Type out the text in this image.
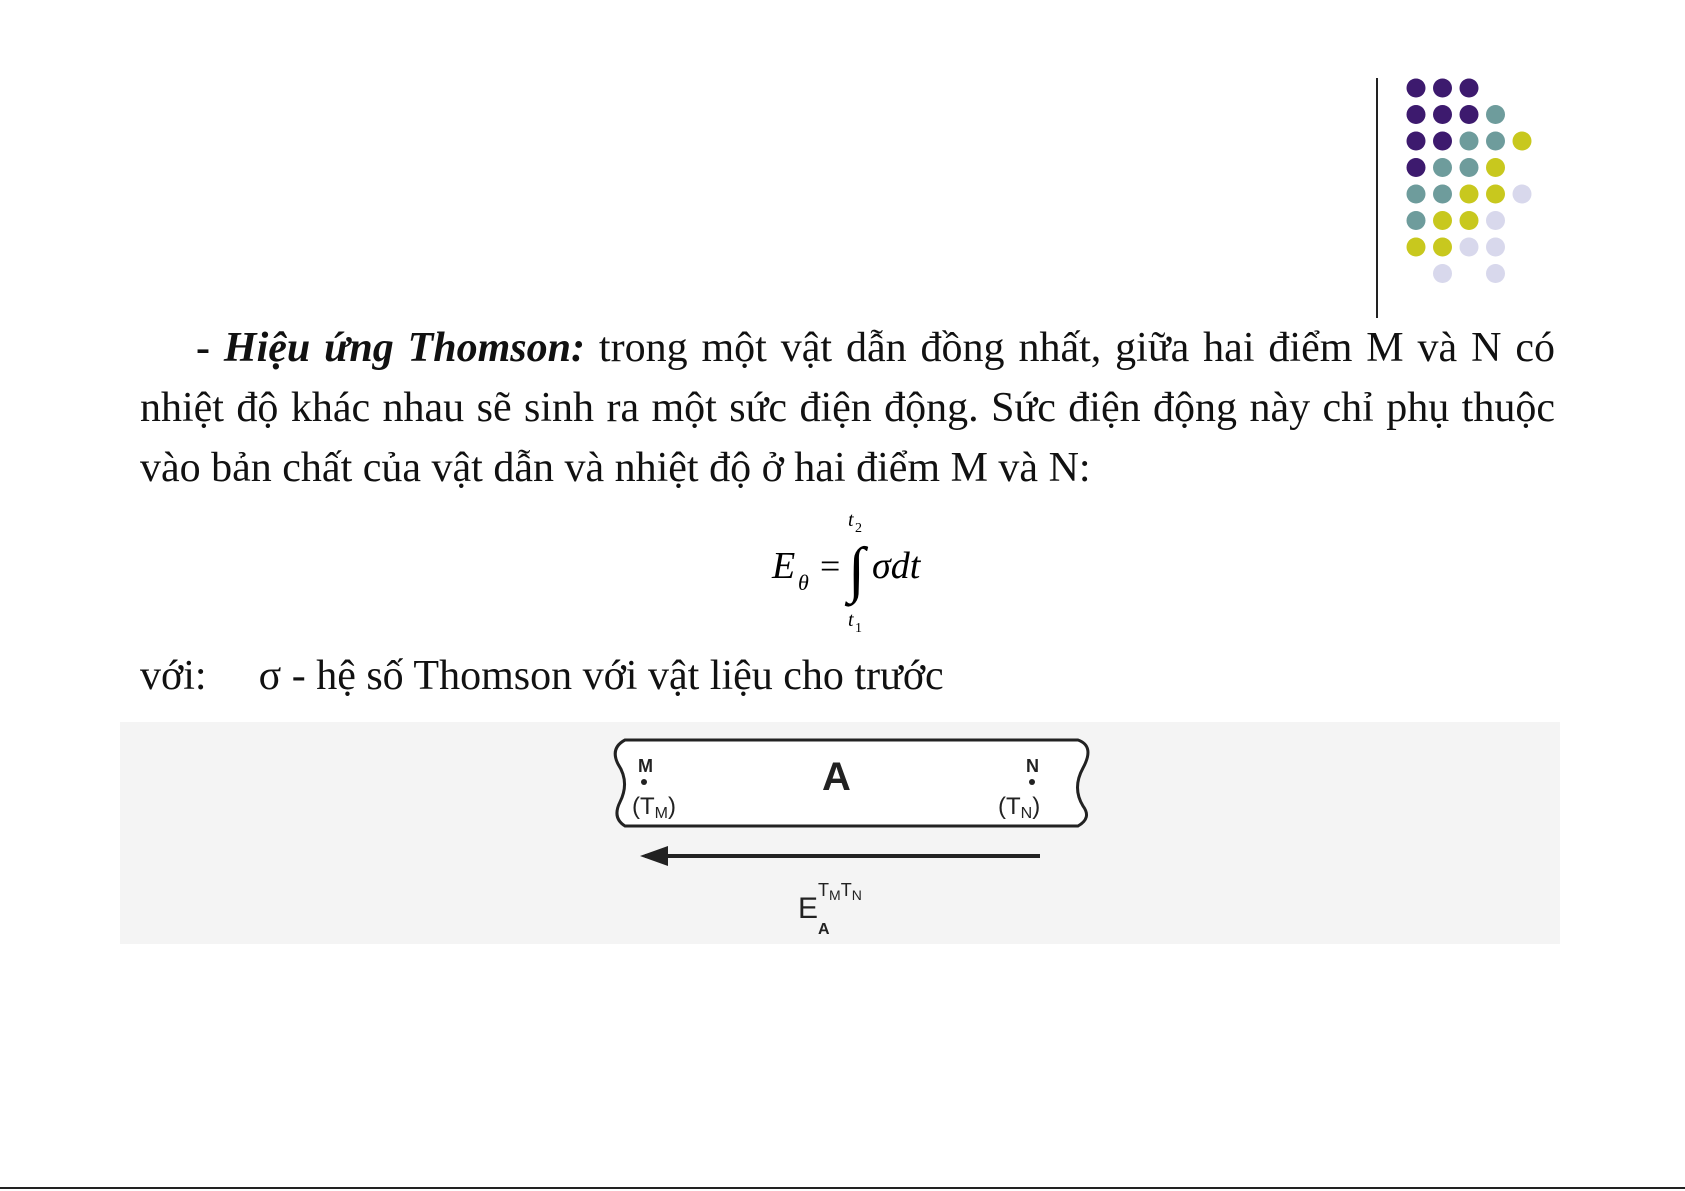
- Hiệu ứng Thomson: trong một vật dẫn đồng nhất, giữa hai điểm M và N có nhiệt độ khác nhau sẽ sinh ra một sức điện động. Sức điện động này chỉ phụ thuộc vào bản chất của vật dẫn và nhiệt độ ở hai điểm M và N:
E θ = ∫
t 2
t 1
σdt
với: σ - hệ số Thomson với vật liệu cho trước
A
M
(TM)
N
(TN)
$E^TMTN$
A
